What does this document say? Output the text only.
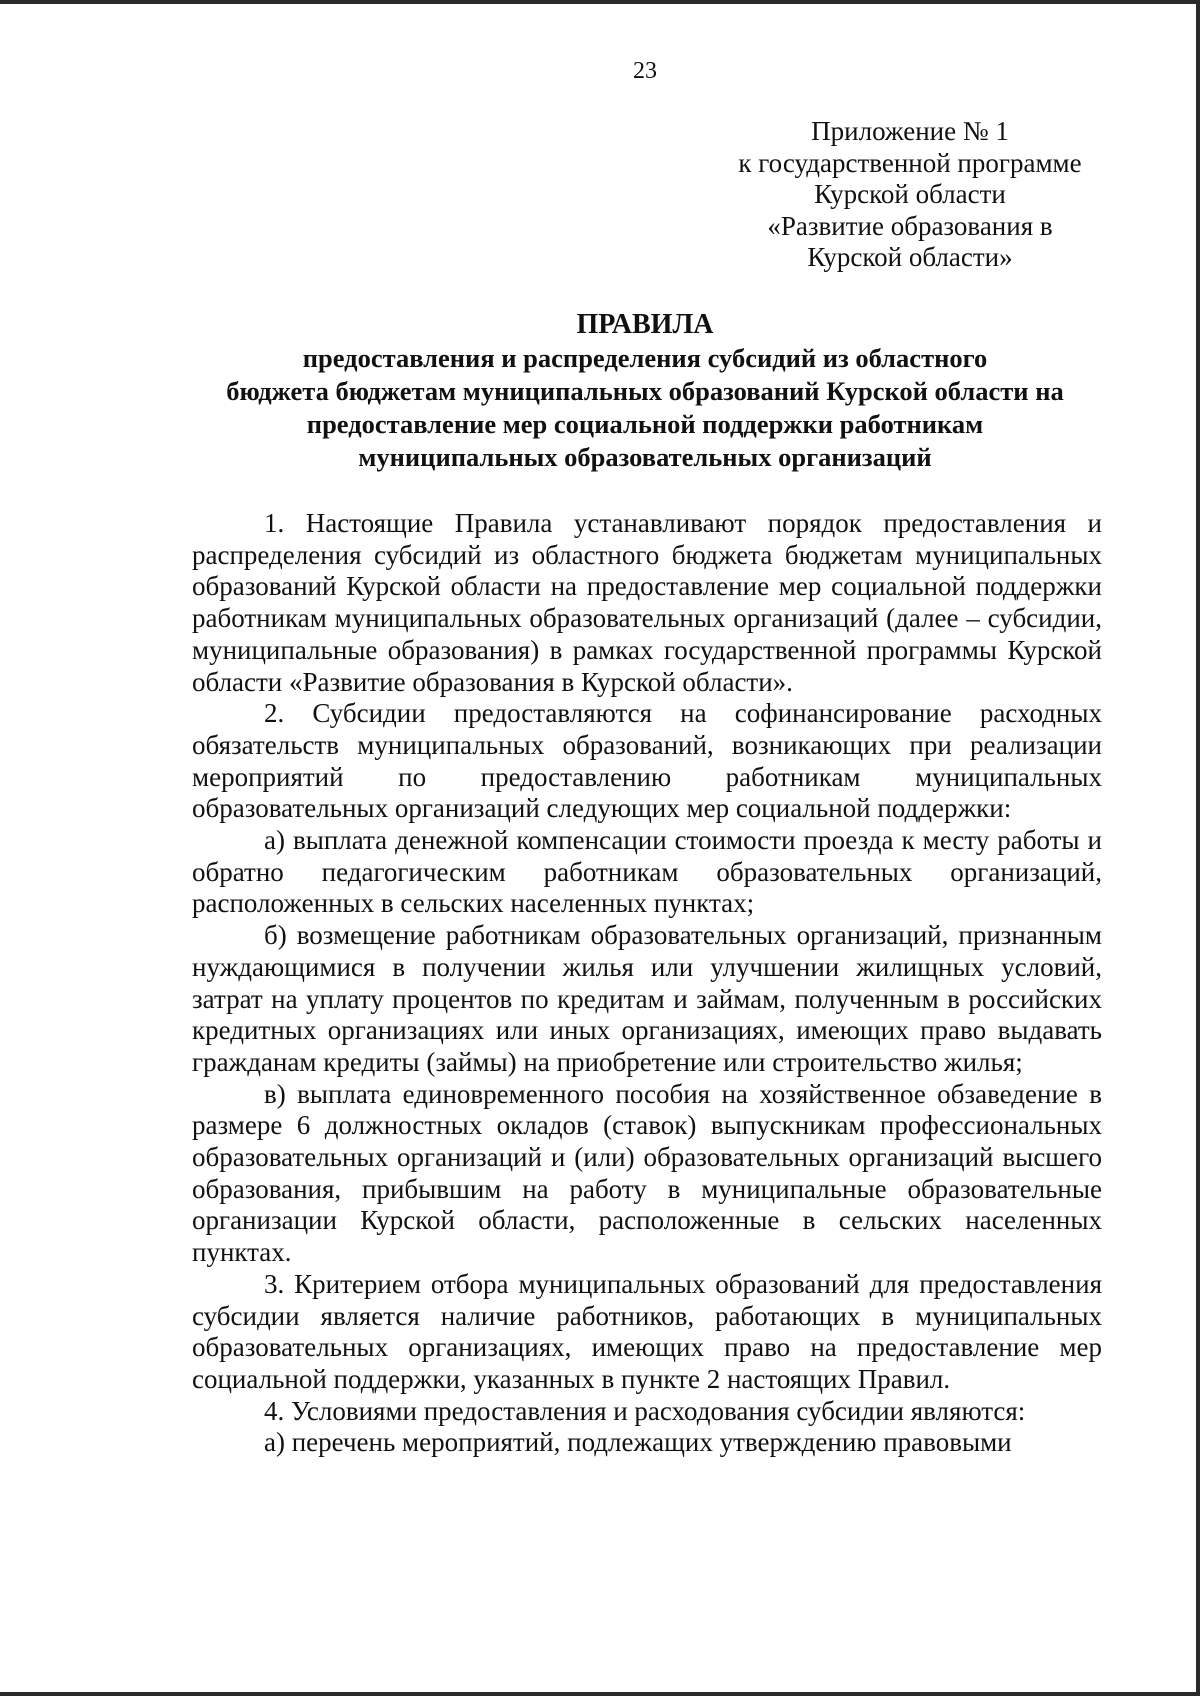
23
Приложение № 1
к государственной программе
Курской области
«Развитие образования в
Курской области»
ПРАВИЛА
предоставления и распределения субсидий из областного
бюджета бюджетам муниципальных образований Курской области на
предоставление мер социальной поддержки работникам
муниципальных образовательных организаций

1. Настоящие Правила устанавливают порядок предоставления и распределения субсидий из областного бюджета бюджетам муниципальных образований Курской области на предоставление мер социальной поддержки работникам муниципальных образовательных организаций (далее – субсидии, муниципальные образования) в рамках государственной программы Курской области «Развитие образования в Курской области».

2. Субсидии предоставляются на софинансирование расходных обязательств муниципальных образований, возникающих при реализации мероприятий по предоставлению работникам муниципальных образовательных организаций следующих мер социальной поддержки:

а) выплата денежной компенсации стоимости проезда к месту работы и обратно педагогическим работникам образовательных организаций, расположенных в сельских населенных пунктах;

б) возмещение работникам образовательных организаций, признанным нуждающимися в получении жилья или улучшении жилищных условий, затрат на уплату процентов по кредитам и займам, полученным в российских кредитных организациях или иных организациях, имеющих право выдавать гражданам кредиты (займы) на приобретение или строительство жилья;

в) выплата единовременного пособия на хозяйственное обзаведение в размере 6 должностных окладов (ставок) выпускникам профессиональных образовательных организаций и (или) образовательных организаций высшего образования, прибывшим на работу в муниципальные образовательные организации Курской области, расположенные в сельских населенных пунктах.

3. Критерием отбора муниципальных образований для предоставления субсидии является наличие работников, работающих в муниципальных образовательных организациях, имеющих право на предоставление мер социальной поддержки, указанных в пункте 2 настоящих Правил.

4. Условиями предоставления и расходования субсидии являются:

а) перечень мероприятий, подлежащих утверждению правовыми
